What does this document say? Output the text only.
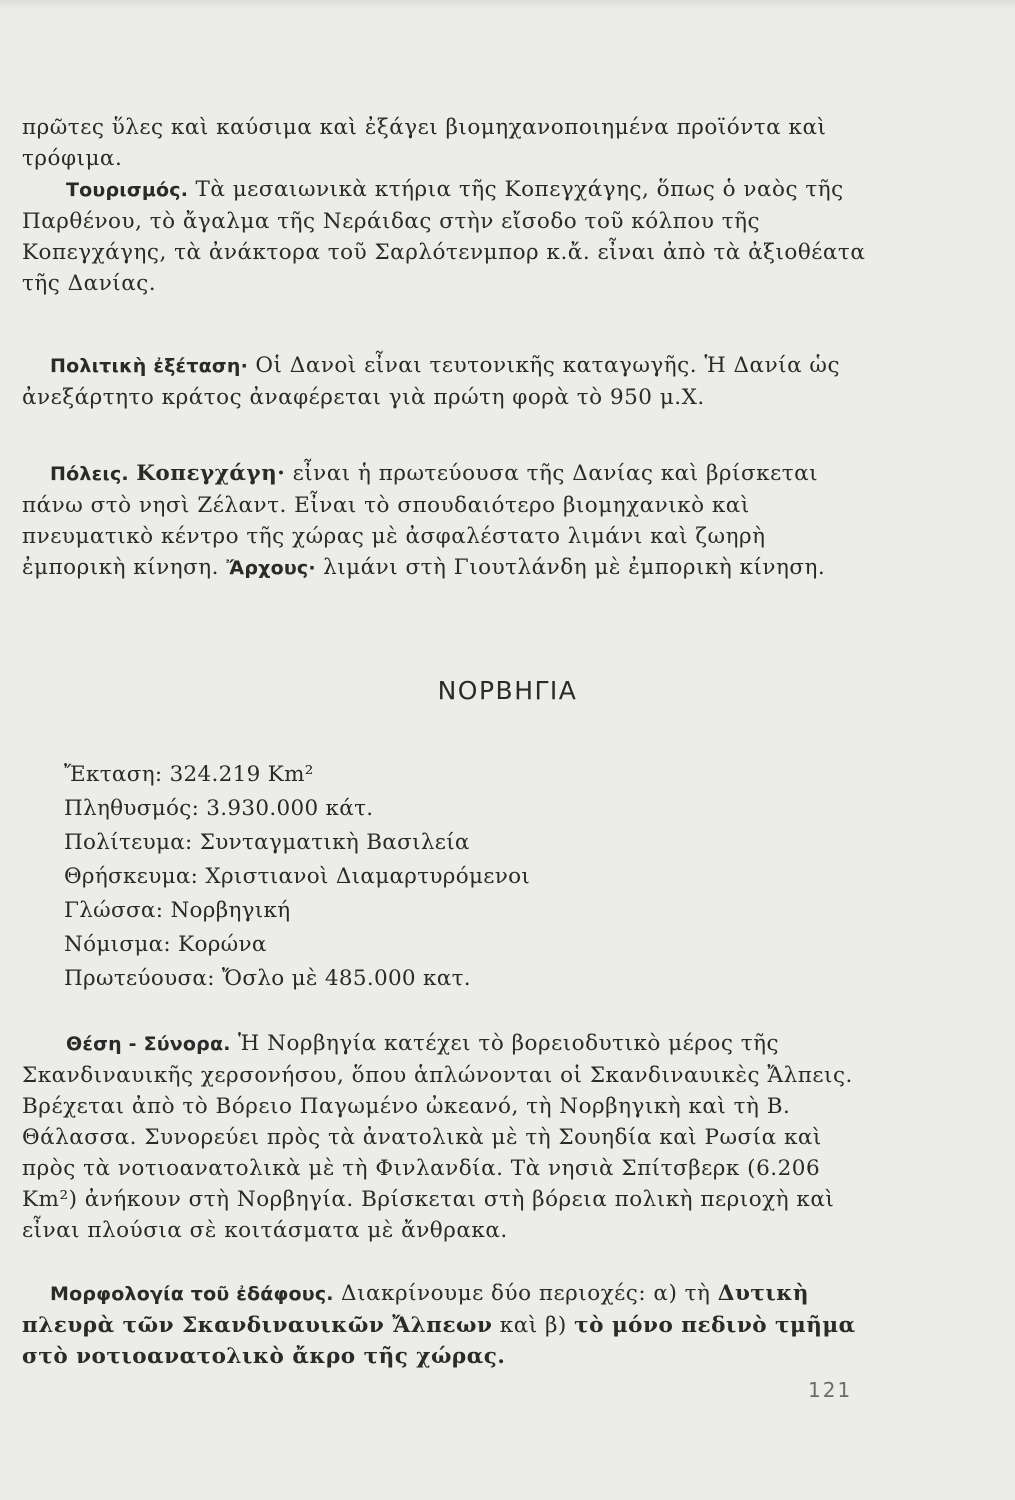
πρῶτες ὕλες καὶ καύσιμα καὶ ἐξάγει βιομηχανοποιημένα προϊόντα καὶ τρόφιμα.
Τουρισμός. Τὰ μεσαιωνικὰ κτήρια τῆς Κοπεγχάγης, ὅπως ὁ ναὸς τῆς Παρθένου, τὸ ἄγαλμα τῆς Νεράιδας στὴν εἴσοδο τοῦ κόλπου τῆς Κοπεγχάγης, τὰ ἀνάκτορα τοῦ Σαρλότενμπορ κ.ἄ. εἶναι ἀπὸ τὰ ἀξιοθέατα τῆς Δανίας.
Πολιτικὴ ἐξέταση· Οἱ Δανοὶ εἶναι τευτονικῆς καταγωγῆς. Ἡ Δανία ὡς ἀνεξάρτητο κράτος ἀναφέρεται γιὰ πρώτη φορὰ τὸ 950 μ.Χ.
Πόλεις. Κοπεγχάγη· εἶναι ἡ πρωτεύουσα τῆς Δανίας καὶ βρίσκεται πάνω στὸ νησὶ Ζέλαντ. Εἶναι τὸ σπουδαιότερο βιομηχανικὸ καὶ πνευματικὸ κέντρο τῆς χώρας μὲ ἀσφαλέστατο λιμάνι καὶ ζωηρὴ ἐμπορικὴ κίνηση. Ἄρχους· λιμάνι στὴ Γιουτλάνδη μὲ ἐμπορικὴ κίνηση.
ΝΟΡΒΗΓΙΑ
Ἔκταση: 324.219 Km²
Πληθυσμός: 3.930.000 κάτ.
Πολίτευμα: Συνταγματικὴ Βασιλεία
Θρήσκευμα: Χριστιανοὶ Διαμαρτυρόμενοι
Γλώσσα: Νορβηγική
Νόμισμα: Κορώνα
Πρωτεύουσα: Ὄσλο μὲ 485.000 κατ.
Θέση - Σύνορα. Ἡ Νορβηγία κατέχει τὸ βορειοδυτικὸ μέρος τῆς Σκανδιναυικῆς χερσονήσου, ὅπου ἁπλώνονται οἱ Σκανδιναυικὲς Ἄλπεις. Βρέχεται ἀπὸ τὸ Βόρειο Παγωμένο ὠκεανό, τὴ Νορβηγικὴ καὶ τὴ Β. Θάλασσα. Συνορεύει πρὸς τὰ ἀνατολικὰ μὲ τὴ Σουηδία καὶ Ρωσία καὶ πρὸς τὰ νοτιοανατολικὰ μὲ τὴ Φινλανδία. Τὰ νησιὰ Σπίτσβερκ (6.206 Km²) ἀνήκουν στὴ Νορβηγία. Βρίσκεται στὴ βόρεια πολικὴ περιοχὴ καὶ εἶναι πλούσια σὲ κοιτάσματα μὲ ἄνθρακα.
Μορφολογία τοῦ ἐδάφους. Διακρίνουμε δύο περιοχές: α) τὴ Δυτικὴ πλευρὰ τῶν Σκανδιναυικῶν Ἄλπεων καὶ β) τὸ μόνο πεδινὸ τμῆμα στὸ νοτιοανατολικὸ ἄκρο τῆς χώρας.
121
